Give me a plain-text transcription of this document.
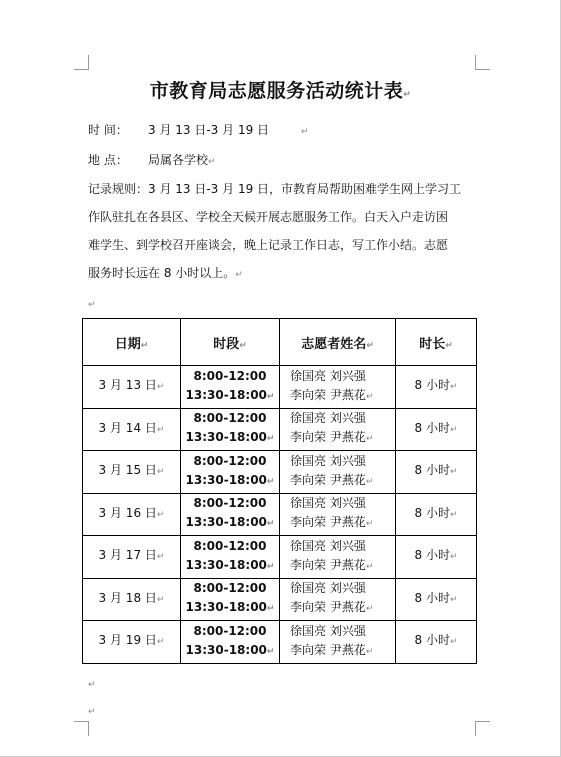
市教育局志愿服务活动统计表↵
时 间： 3 月 13 日-3 月 19 日	↵
地 点： 局属各学校↵
记录规则：3 月 13 日-3 月 19 日，市教育局帮助困难学生网上学习工
作队驻扎在各县区、学校全天候开展志愿服务工作。白天入户走访困
难学生、到学校召开座谈会，晚上记录工作日志，写工作小结。志愿
服务时长远在 8 小时以上。↵
↵
日期↵	时段↵	志愿者姓名↵	时长↵
3 月 13 日↵	8:00-12:00
13:30-18:00↵	徐国亮 刘兴强
李向荣 尹燕花↵	8 小时↵
3 月 14 日↵	8:00-12:00
13:30-18:00↵	徐国亮 刘兴强
李向荣 尹燕花↵	8 小时↵
3 月 15 日↵	8:00-12:00
13:30-18:00↵	徐国亮 刘兴强
李向荣 尹燕花↵	8 小时↵
3 月 16 日↵	8:00-12:00
13:30-18:00↵	徐国亮 刘兴强
李向荣 尹燕花↵	8 小时↵
3 月 17 日↵	8:00-12:00
13:30-18:00↵	徐国亮 刘兴强
李向荣 尹燕花↵	8 小时↵
3 月 18 日↵	8:00-12:00
13:30-18:00↵	徐国亮 刘兴强
李向荣 尹燕花↵	8 小时↵
3 月 19 日↵	8:00-12:00
13:30-18:00↵	徐国亮 刘兴强
李向荣 尹燕花↵	8 小时↵
↵
↵
